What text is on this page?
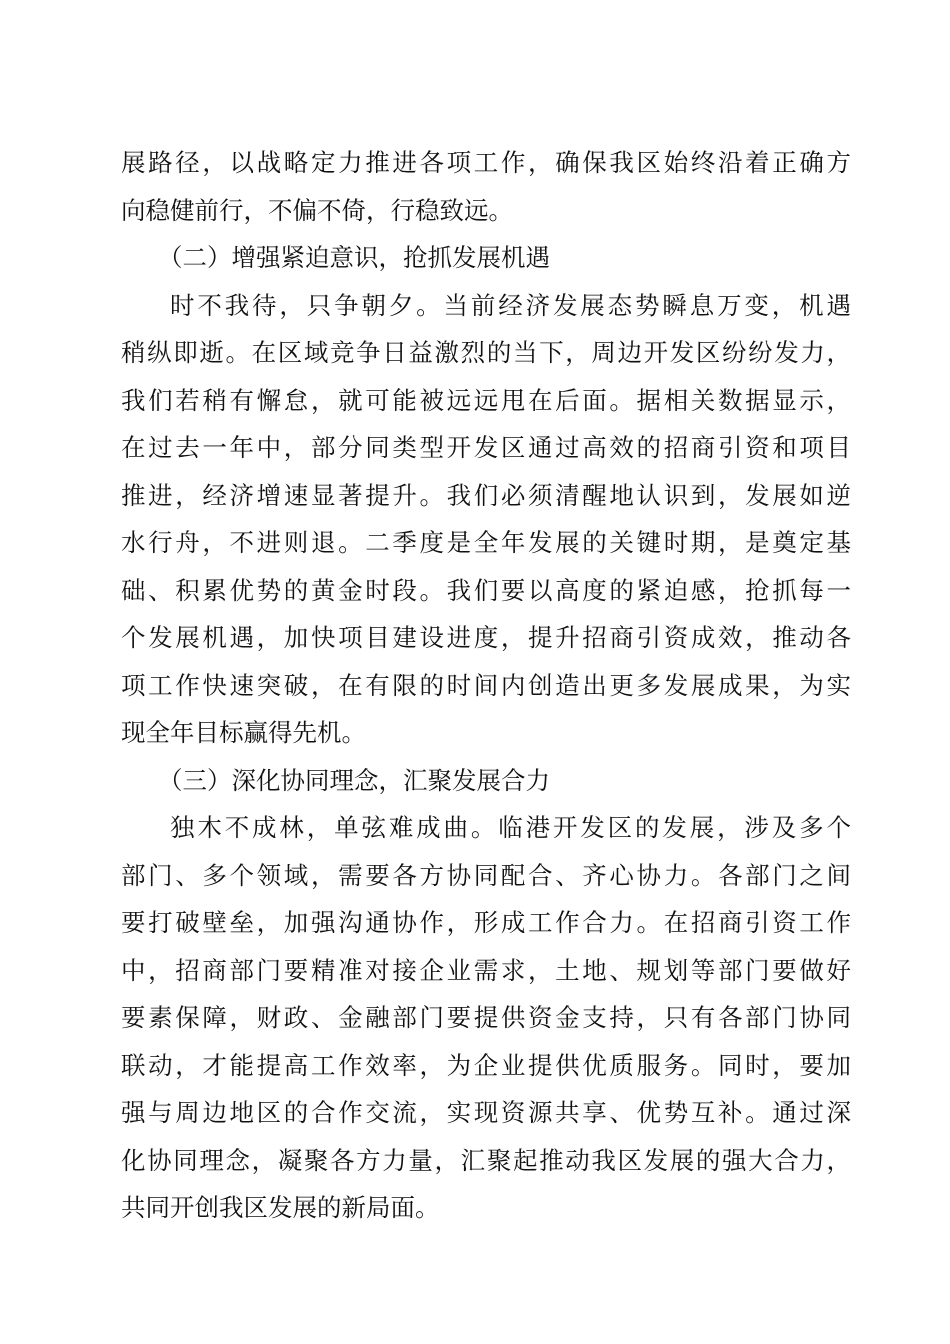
展路径，以战略定力推进各项工作，确保我区始终沿着正确方
向稳健前行，不偏不倚，行稳致远。
（二）增强紧迫意识，抢抓发展机遇
时不我待，只争朝夕。当前经济发展态势瞬息万变，机遇
稍纵即逝。在区域竞争日益激烈的当下，周边开发区纷纷发力，
我们若稍有懈怠，就可能被远远甩在后面。据相关数据显示，
在过去一年中，部分同类型开发区通过高效的招商引资和项目
推进，经济增速显著提升。我们必须清醒地认识到，发展如逆
水行舟，不进则退。二季度是全年发展的关键时期，是奠定基
础、积累优势的黄金时段。我们要以高度的紧迫感，抢抓每一
个发展机遇，加快项目建设进度，提升招商引资成效，推动各
项工作快速突破，在有限的时间内创造出更多发展成果，为实
现全年目标赢得先机。
（三）深化协同理念，汇聚发展合力
独木不成林，单弦难成曲。临港开发区的发展，涉及多个
部门、多个领域，需要各方协同配合、齐心协力。各部门之间
要打破壁垒，加强沟通协作，形成工作合力。在招商引资工作
中，招商部门要精准对接企业需求，土地、规划等部门要做好
要素保障，财政、金融部门要提供资金支持，只有各部门协同
联动，才能提高工作效率，为企业提供优质服务。同时，要加
强与周边地区的合作交流，实现资源共享、优势互补。通过深
化协同理念，凝聚各方力量，汇聚起推动我区发展的强大合力，
共同开创我区发展的新局面。
